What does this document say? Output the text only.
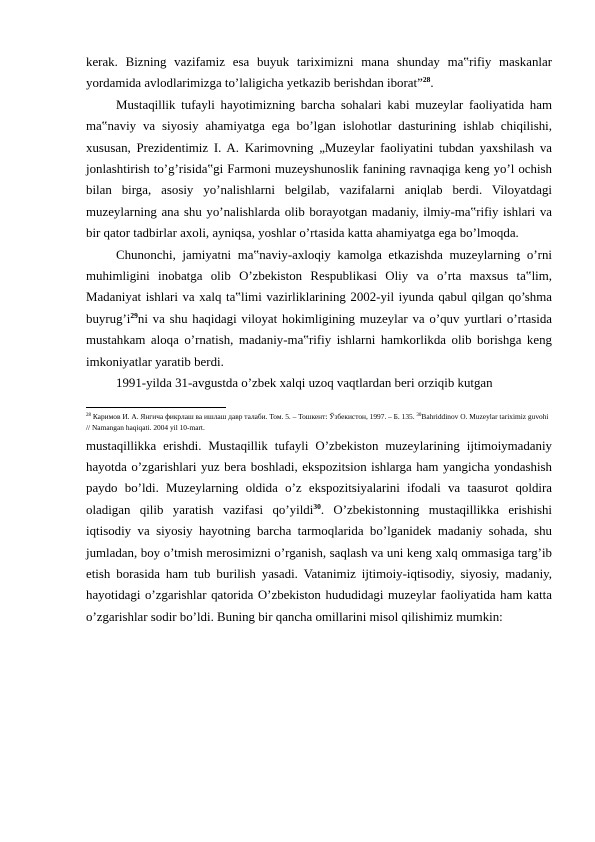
kerak. Bizning vazifamiz esa buyuk tariximizni mana shunday ma‟rifiy maskanlar yordamida avlodlarimizga to’laligicha yetkazib berishdan iborat”$^{28}$.

Mustaqillik tufayli hayotimizning barcha sohalari kabi muzeylar faoliyatida ham ma‟naviy va siyosiy ahamiyatga ega bo’lgan islohotlar dasturining ishlab chiqilishi, xususan, Prezidentimiz I. A. Karimovning „Muzeylar faoliyatini tubdan yaxshilash va jonlashtirish to’g’risida‟gi Farmoni muzeyshunoslik fanining ravnaqiga keng yo’l ochish bilan birga, asosiy yo’nalishlarni belgilab, vazifalarni aniqlab berdi. Viloyatdagi muzeylarning ana shu yo’nalishlarda olib borayotgan madaniy, ilmiy-ma‟rifiy ishlari va bir qator tadbirlar axoli, ayniqsa, yoshlar o’rtasida katta ahamiyatga ega bo’lmoqda.

Chunonchi, jamiyatni ma‟naviy-axloqiy kamolga etkazishda muzeylarning o’rni muhimligini inobatga olib O’zbekiston Respublikasi Oliy va o’rta maxsus ta‟lim, Madaniyat ishlari va xalq ta‟limi vazirliklarining 2002-yil iyunda qabul qilgan qo’shma $buyrug’i^{29}ni$ va shu haqidagi viloyat hokimligining muzeylar va o’quv yurtlari o’rtasida mustahkam aloqa o’rnatish, madaniy-ma‟rifiy ishlarni hamkorlikda olib borishga keng imkoniyatlar yaratib berdi.

1991-yilda 31-avgustda o’zbek xalqi uzoq vaqtlardan beri orziqib kutgan

$^{28}$ Каримов И. А. Янгича фикрлаш ва ишлаш давр талаби. Том. 5. – Тошкент: Ўзбекистон, 1997. – Б. 135. $^{30}$Bahriddinov O. Muzeylar tariximiz guvohi // Namangan haqiqati. 2004 yil 10-mart.

mustaqillikka erishdi. Mustaqillik tufayli O’zbekiston muzeylarining ijtimoiymadaniy hayotda o’zgarishlari yuz bera boshladi, ekspozitsion ishlarga ham yangicha yondashish paydo bo’ldi. Muzeylarning oldida o’z ekspozitsiyalarini ifodali va taasurot qoldira oladigan qilib yaratish vazifasi qo’yildi$^{30}$. O’zbekistonning mustaqillikka erishishi iqtisodiy va siyosiy hayotning barcha tarmoqlarida bo’lganidek madaniy sohada, shu jumladan, boy o’tmish merosimizni o’rganish, saqlash va uni keng xalq ommasiga targ’ib etish borasida ham tub burilish yasadi. Vatanimiz ijtimoiy-iqtisodiy, siyosiy, madaniy, hayotidagi o’zgarishlar qatorida O’zbekiston hududidagi muzeylar faoliyatida ham katta o’zgarishlar sodir bo’ldi. Buning bir qancha omillarini misol qilishimiz mumkin:
